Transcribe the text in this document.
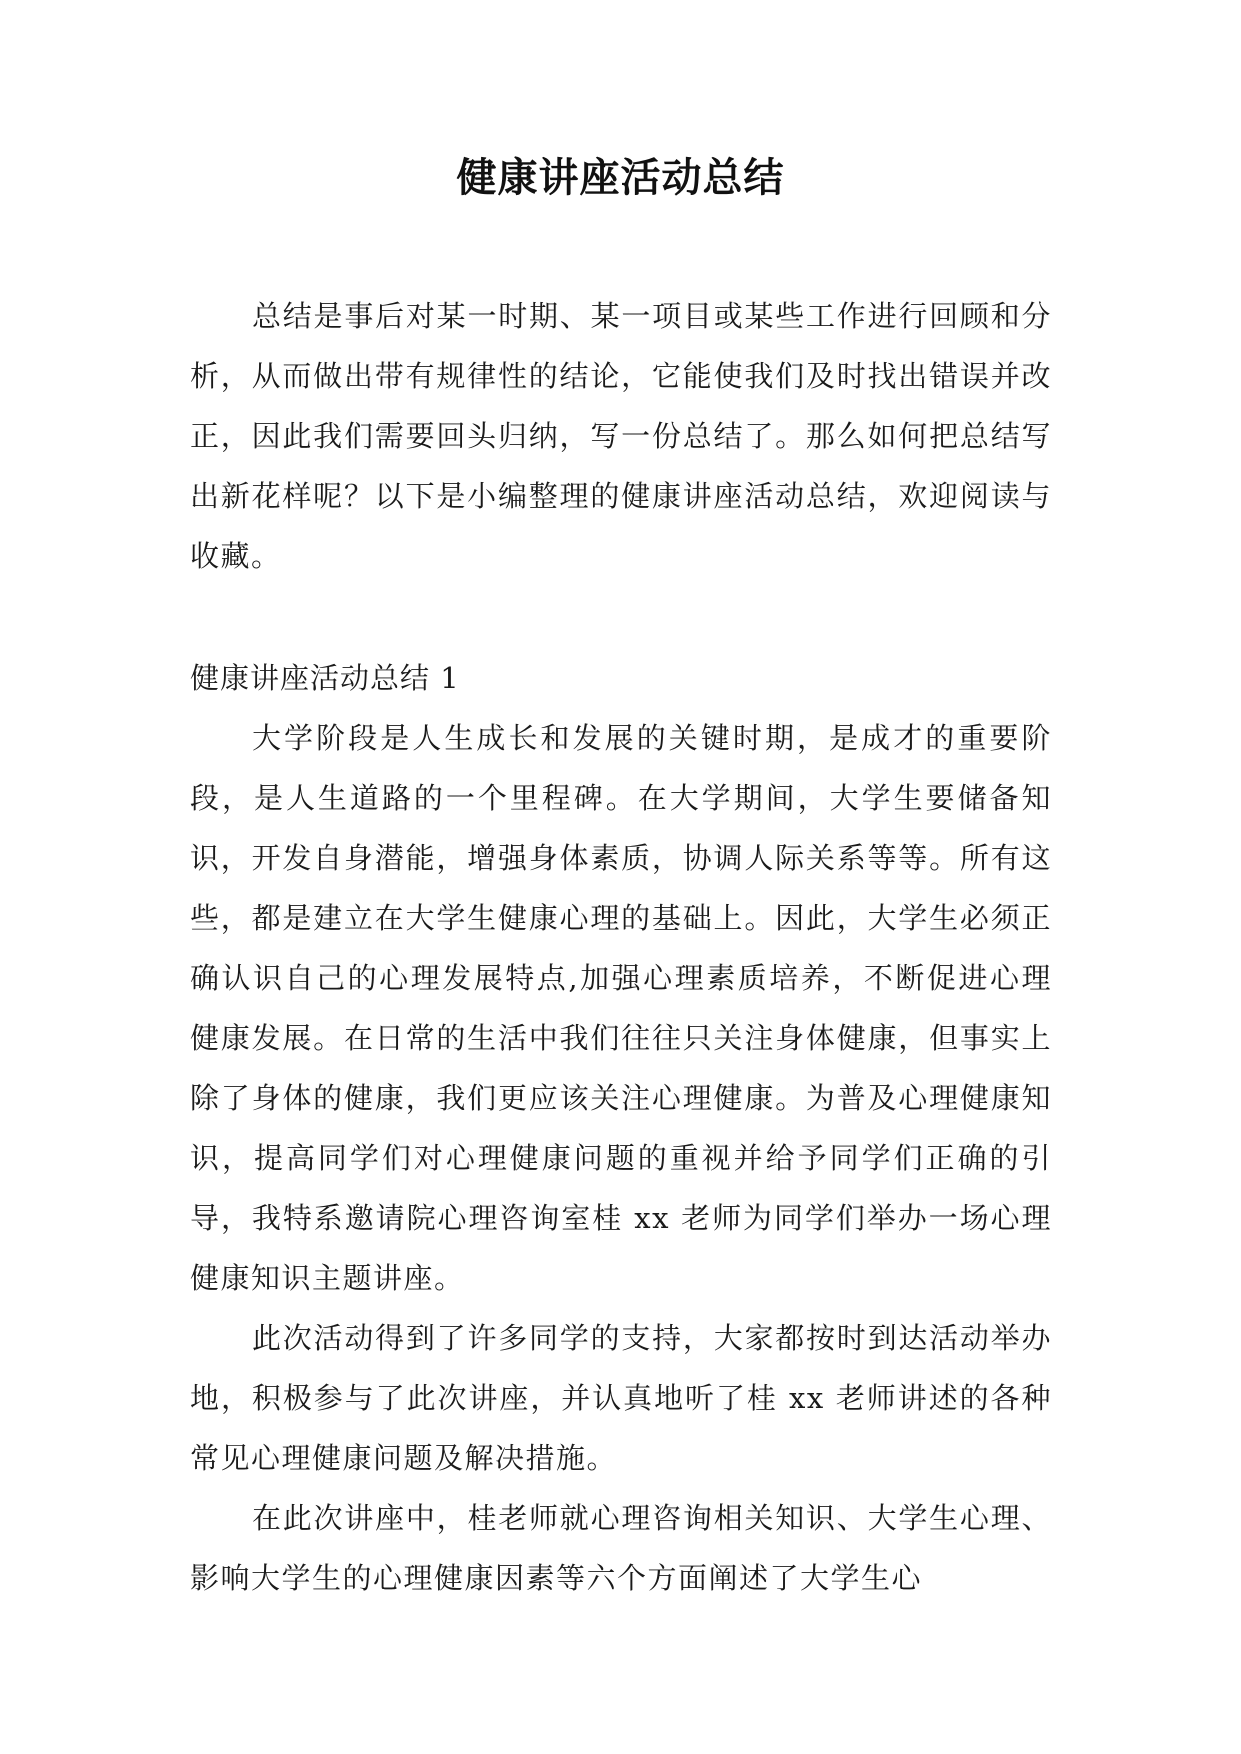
健康讲座活动总结

总结是事后对某一时期、某一项目或某些工作进行回顾和分析，从而做出带有规律性的结论，它能使我们及时找出错误并改正，因此我们需要回头归纳，写一份总结了。那么如何把总结写出新花样呢？以下是小编整理的健康讲座活动总结，欢迎阅读与收藏。

健康讲座活动总结 1

大学阶段是人生成长和发展的关键时期，是成才的重要阶段，是人生道路的一个里程碑。在大学期间，大学生要储备知识，开发自身潜能，增强身体素质，协调人际关系等等。所有这些，都是建立在大学生健康心理的基础上。因此，大学生必须正确认识自己的心理发展特点,加强心理素质培养，不断促进心理健康发展。在日常的生活中我们往往只关注身体健康，但事实上除了身体的健康，我们更应该关注心理健康。为普及心理健康知识，提高同学们对心理健康问题的重视并给予同学们正确的引导，我特系邀请院心理咨询室桂 xx 老师为同学们举办一场心理健康知识主题讲座。

此次活动得到了许多同学的支持，大家都按时到达活动举办地，积极参与了此次讲座，并认真地听了桂 xx 老师讲述的各种常见心理健康问题及解决措施。

在此次讲座中，桂老师就心理咨询相关知识、大学生心理、影响大学生的心理健康因素等六个方面阐述了大学生心
